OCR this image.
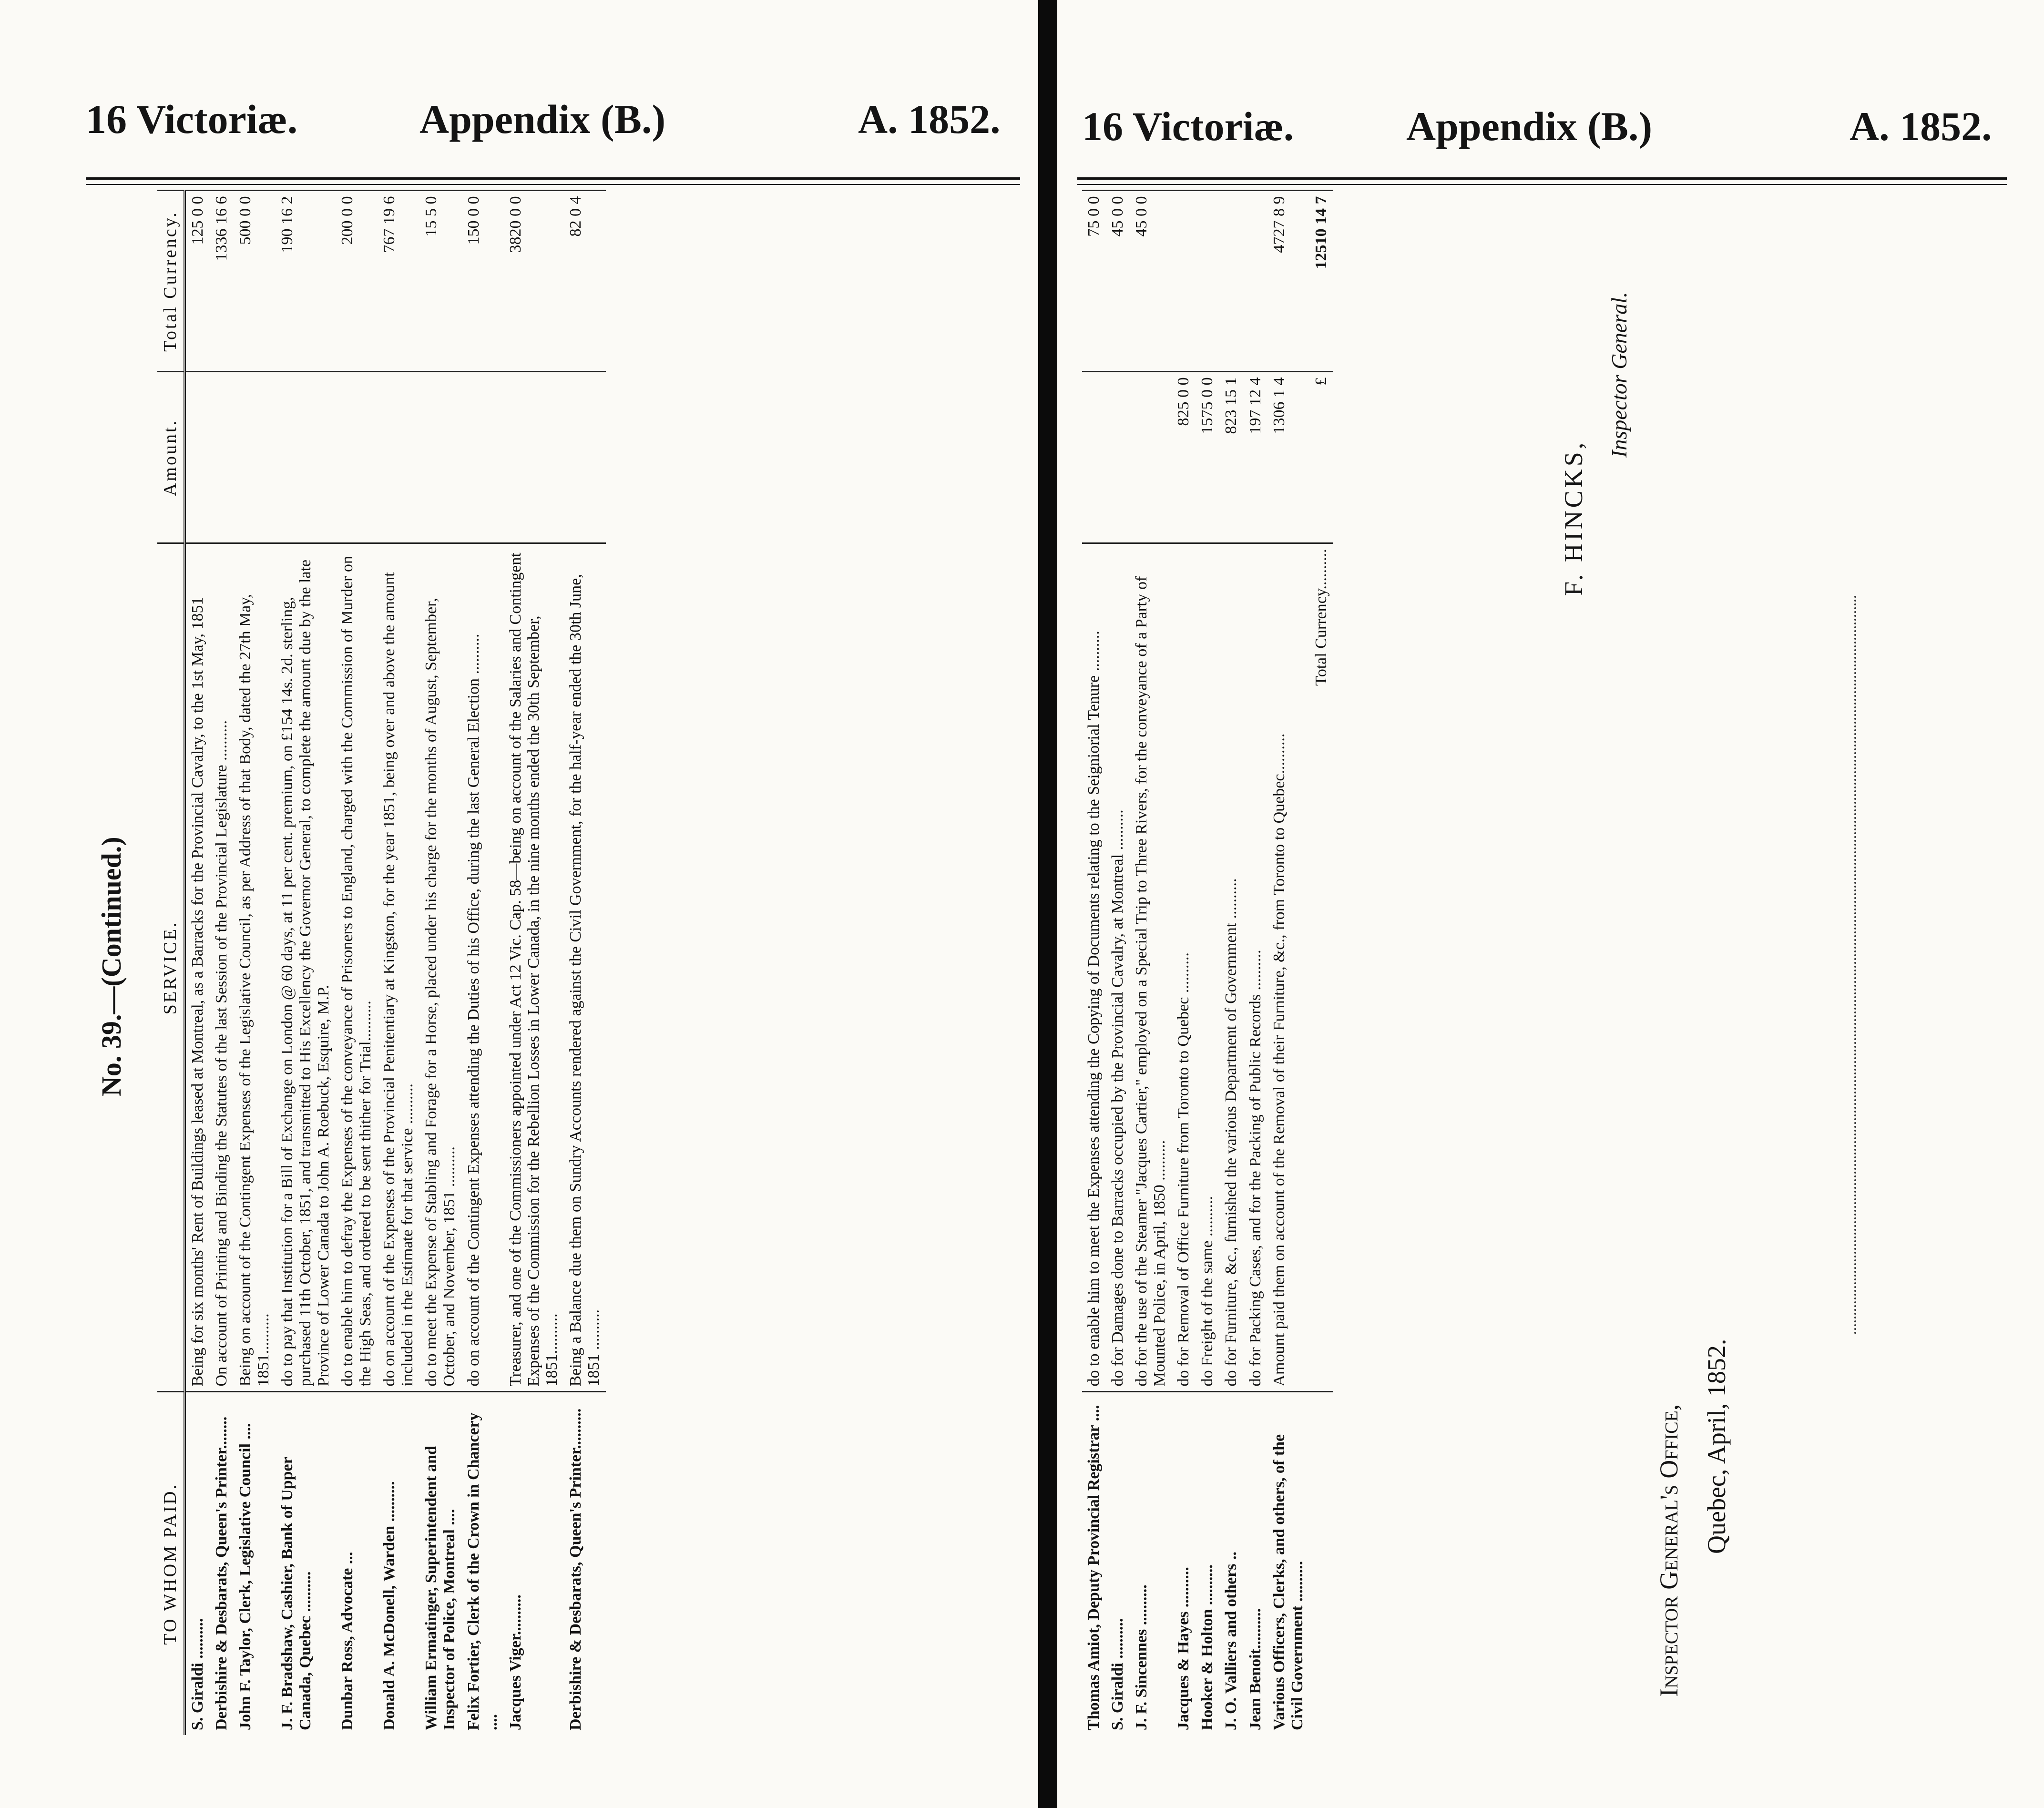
16 Victoriæ.	Appendix (B.)	A. 1852. 16 Victoriæ.	Appendix (B.)	A. 1852.
No. 39.—(Continued.)
TO WHOM PAID.	SERVICE.	Amount.	Total Currency.
S. Giraldi ..........	Being for six months' Rent of Buildings leased at Montreal, as a Barracks for the Provincial Cavalry, to the 1st May, 1851		125 0 0
Derbishire & Desbarats, Queen's Printer........	On account of Printing and Binding the Statutes of the last Session of the Provincial Legislature ..........		1336 16 6
John F. Taylor, Clerk, Legislative Council ....	Being on account of the Contingent Expenses of the Legislative Council, as per Address of that Body, dated the 27th May, 1851..........		500 0 0
J. F. Bradshaw, Cashier, Bank of Upper Canada, Quebec ..........	do to pay that Institution for a Bill of Exchange on London @ 60 days, at 11 per cent. premium, on £154 14s. 2d. sterling, purchased 11th October, 1851, and transmitted to His Excellency the Governor General, to complete the amount due by the late Province of Lower Canada to John A. Roebuck, Esquire, M.P.		190 16 2
Dunbar Ross, Advocate ...	do to enable him to defray the Expenses of the conveyance of Prisoners to England, charged with the Commission of Murder on the High Seas, and ordered to be sent thither for Trial..........		200 0 0
Donald A. McDonell, Warden ..........	do on account of the Expenses of the Provincial Penitentiary at Kingston, for the year 1851, being over and above the amount included in the Estimate for that service ..........		767 19 6
William Ermatinger, Superintendent and Inspector of Police, Montreal ....	do to meet the Expense of Stabling and Forage for a Horse, placed under his charge for the months of August, September, October, and November, 1851 ..........		15 5 0
Felix Fortier, Clerk of the Crown in Chancery ....	do on account of the Contingent Expenses attending the Duties of his Office, during the last General Election ..........		150 0 0
Jacques Viger..........	Treasurer, and one of the Commissioners appointed under Act 12 Vic. Cap. 58—being on account of the Salaries and Contingent Expenses of the Commission for the Rebellion Losses in Lower Canada, in the nine months ended the 30th September, 1851..........		3820 0 0
Derbishire & Desbarats, Queen's Printer..........	Being a Balance due them on Sundry Accounts rendered against the Civil Government, for the half-year ended the 30th June, 1851 ..........		82 0 4
Thomas Amiot, Deputy Provincial Registrar ....	do to enable him to meet the Expenses attending the Copying of Documents relating to the Seigniorial Tenure ..........		75 0 0
S. Giraldi ..........	do for Damages done to Barracks occupied by the Provincial Cavalry, at Montreal ..........		45 0 0
J. F. Sincennes ..........	do for the use of the Steamer "Jacques Cartier," employed on a Special Trip to Three Rivers, for the conveyance of a Party of Mounted Police, in April, 1850 ..........		45 0 0
Jacques & Hayes ..........	do for Removal of Office Furniture from Toronto to Quebec ..........	825 0 0	
Hooker & Holton ..........	do Freight of the same ..........	1575 0 0	
J. O. Valliers and others ..	do for Furniture, &c., furnished the various Department of Government ..........	823 15 1	
Jean Benoit..........	do for Packing Cases, and for the Packing of Public Records ..........	197 12 4	
Various Officers, Clerks, and others, of the Civil Government ..........	Amount paid them on account of the Removal of their Furniture, &c., from Toronto to Quebec..........	1306 1 4	4727 8 9
	Total Currency..........	£	12510 14 7
Inspector General's Office, Quebec, April, 1852.
F. HINCKS,
Inspector General.
